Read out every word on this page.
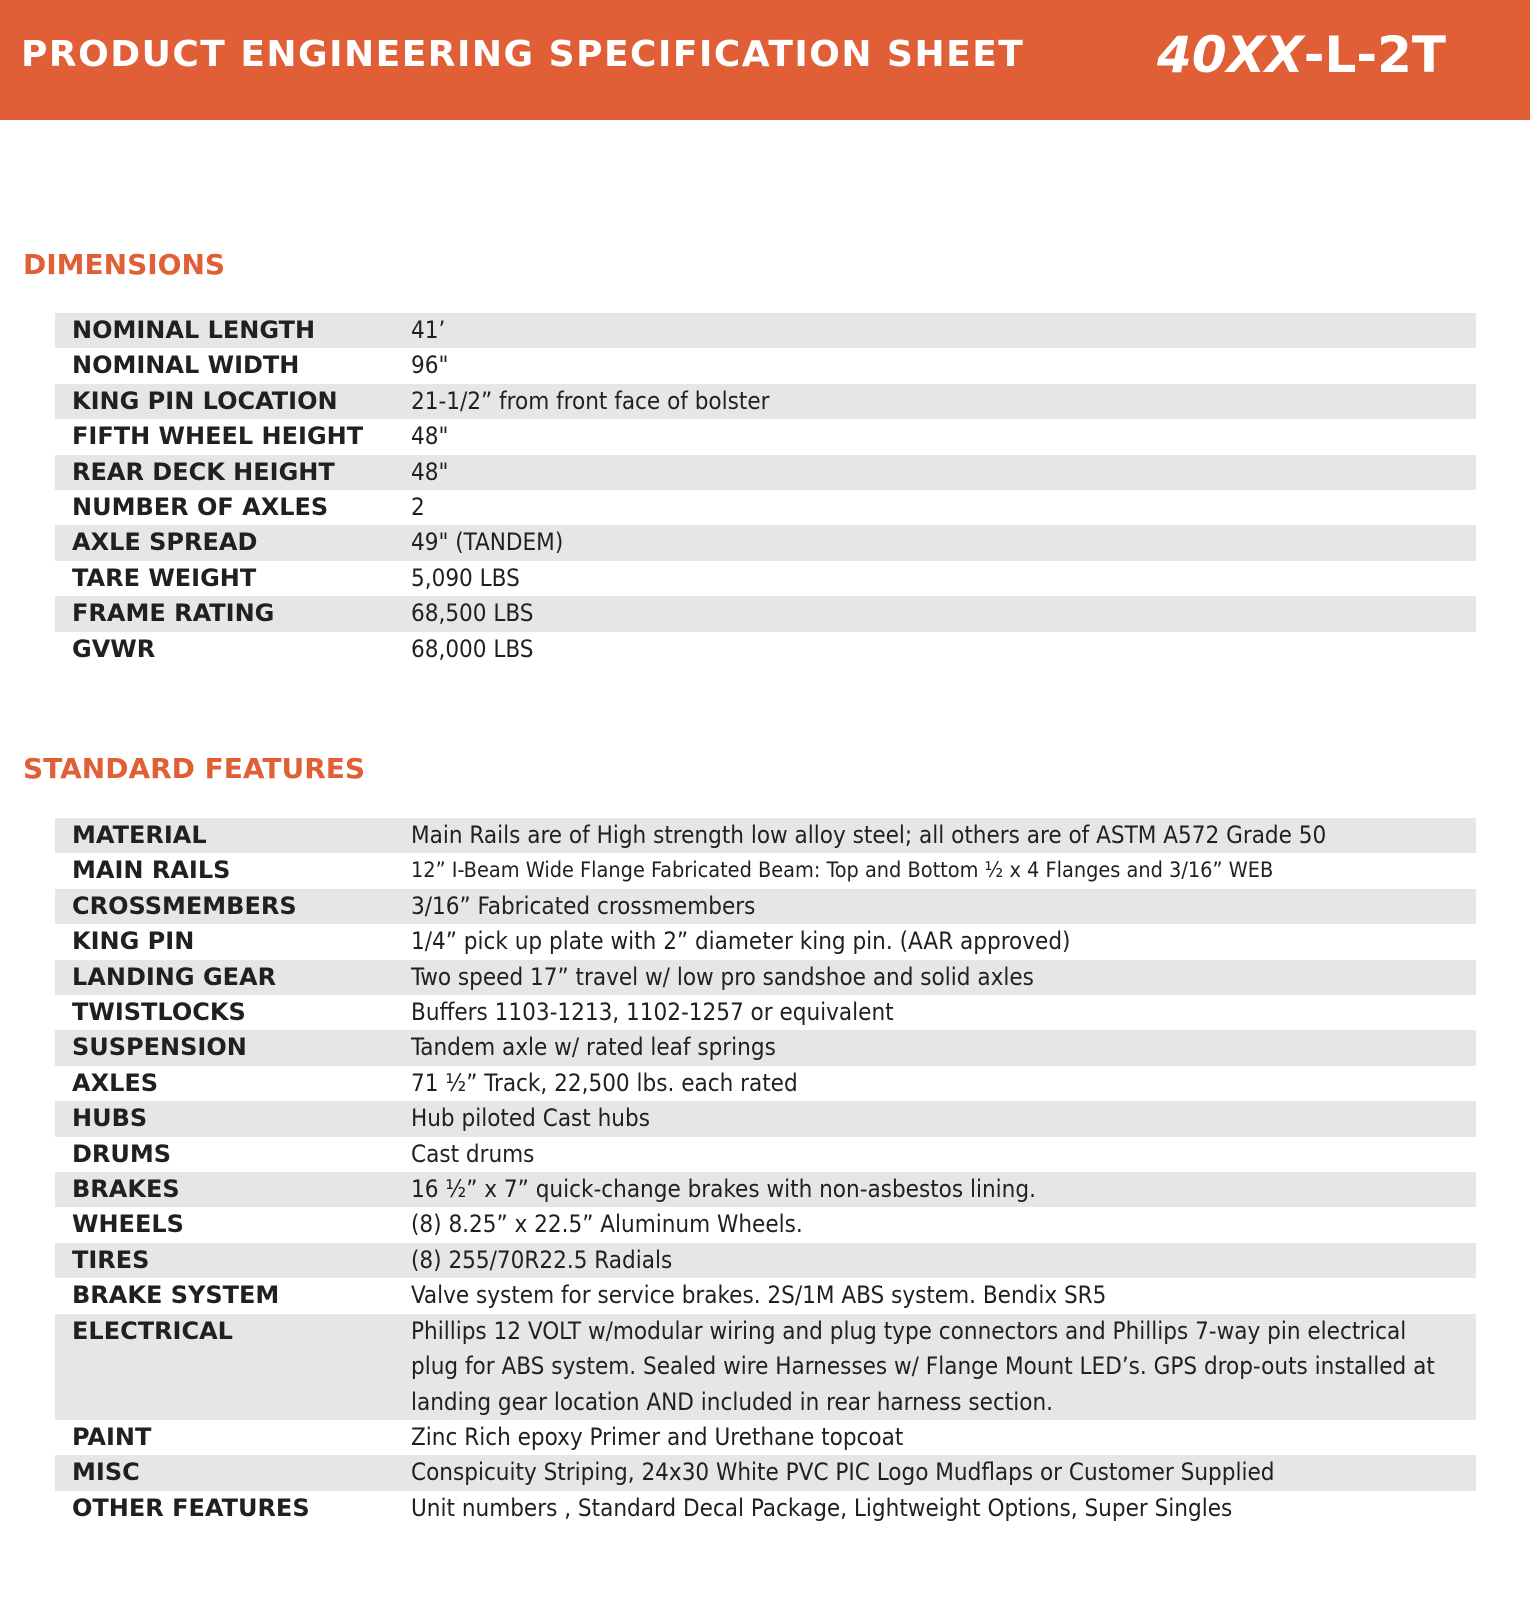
PRODUCT ENGINEERING SPECIFICATION SHEET	40XX-L-2T
DIMENSIONS
NOMINAL LENGTH	41’
NOMINAL WIDTH	96"
KING PIN LOCATION	21-1/2” from front face of bolster
FIFTH WHEEL HEIGHT	48"
REAR DECK HEIGHT	48"
NUMBER OF AXLES	2
AXLE SPREAD	49" (TANDEM)
TARE WEIGHT	5,090 LBS
FRAME RATING	68,500 LBS
GVWR	68,000 LBS
STANDARD FEATURES
MATERIAL	Main Rails are of High strength low alloy steel; all others are of ASTM A572 Grade 50
MAIN RAILS	12” I-Beam Wide Flange Fabricated Beam: Top and Bottom ½ x 4 Flanges and 3/16” WEB
CROSSMEMBERS	3/16” Fabricated crossmembers
KING PIN	1/4” pick up plate with 2” diameter king pin. (AAR approved)
LANDING GEAR	Two speed 17” travel w/ low pro sandshoe and solid axles
TWISTLOCKS	Buffers 1103-1213, 1102-1257 or equivalent
SUSPENSION	Tandem axle w/ rated leaf springs
AXLES	71 ½” Track, 22,500 lbs. each rated
HUBS	Hub piloted Cast hubs
DRUMS	Cast drums
BRAKES	16 ½” x 7” quick-change brakes with non-asbestos lining.
WHEELS	(8) 8.25” x 22.5” Aluminum Wheels.
TIRES	(8) 255/70R22.5 Radials
BRAKE SYSTEM	Valve system for service brakes. 2S/1M ABS system. Bendix SR5
ELECTRICAL	Phillips 12 VOLT w/modular wiring and plug type connectors and Phillips 7-way pin electrical plug for ABS system. Sealed wire Harnesses w/ Flange Mount LED’s. GPS drop-outs installed at landing gear location AND included in rear harness section.
PAINT	Zinc Rich epoxy Primer and Urethane topcoat
MISC	Conspicuity Striping, 24x30 White PVC PIC Logo Mudflaps or Customer Supplied
OTHER FEATURES	Unit numbers , Standard Decal Package, Lightweight Options, Super Singles
